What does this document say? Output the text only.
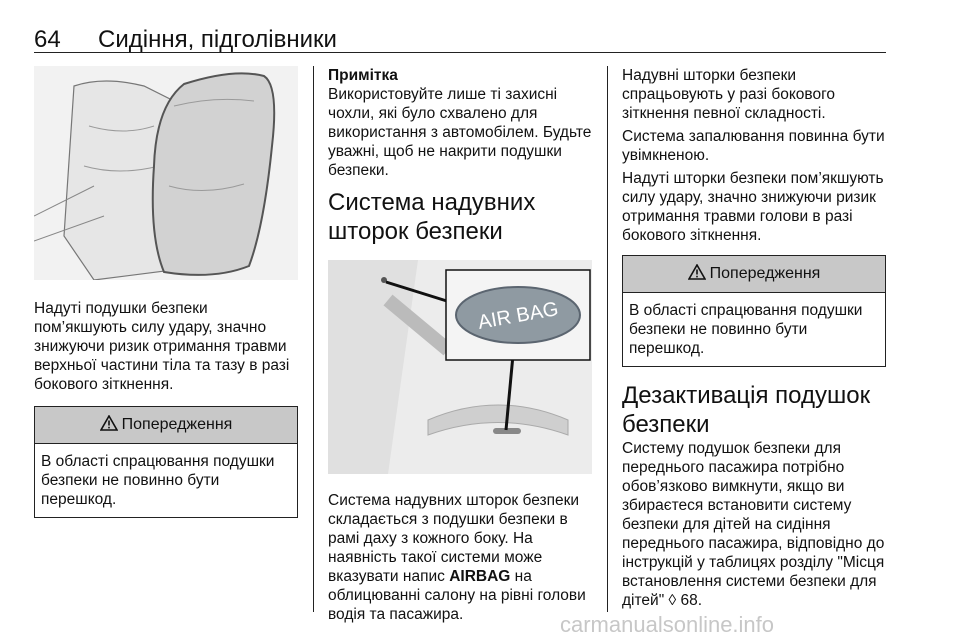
64 Сидіння, підголівники

Надуті подушки безпеки пом’якшують силу удару, значно знижуючи ризик отримання травми верхньої частини тіла та тазу в разі бокового зіткнення.

Попередження
В області спрацювання подушки безпеки не повинно бути перешкод.

Примітка

Використовуйте лише ті захисні чохли, які було схвалено для використання з автомобілем. Будьте уважні, щоб не накрити подушки безпеки.

Система надувних шторок безпеки
AIR BAG

Система надувних шторок безпеки складається з подушки безпеки в рамі даху з кожного боку. На наявність такої системи може вказувати напис AIRBAG на облицюванні салону на рівні голови водія та пасажира.

Надувні шторки безпеки спрацьовують у разі бокового зіткнення певної складності.

Система запалювання повинна бути увімкненою.

Надуті шторки безпеки пом’якшують силу удару, значно знижуючи ризик отримання травми голови в разі бокового зіткнення.

Попередження
В області спрацювання подушки безпеки не повинно бути перешкод.
Дезактивація подушок безпеки

Систему подушок безпеки для переднього пасажира потрібно обов’язково вимкнути, якщо ви збираєтеся встановити систему безпеки для дітей на сидіння переднього пасажира, відповідно до інструкцій у таблицях розділу "Місця встановлення системи безпеки для дітей" ◊ 68.

carmanualsonline.info
